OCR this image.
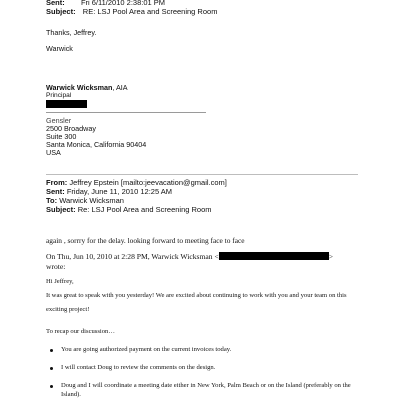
Sent: Fri 6/11/2010 2:38:01 PM
Subject: RE: LSJ Pool Area and Screening Room
Thanks, Jeffrey.
Warwick
Warwick Wicksman, AIA
Principal
Gensler
2500 Broadway
Suite 300
Santa Monica, California 90404
USA
From: Jeffrey Epstein [mailto:jeevacation@gmail.com]
Sent: Friday, June 11, 2010 12:25 AM
To: Warwick Wicksman
Subject: Re: LSJ Pool Area and Screening Room
again , sorrry for the delay. looking forward to meeting face to face
On Thu, Jun 10, 2010 at 2:28 PM, Warwick Wicksman <	>
wrote:
Hi Jeffrey,
It was great to speak with you yesterday! We are excited about continuing to work with you and your team on this
exciting project!
To recap our discussion…
You are going authorized payment on the current invoices today.
I will contact Doug to review the comments on the design.
Doug and I will coordinate a meeting date either in New York, Palm Beach or on the Island (preferably on the
Island).
